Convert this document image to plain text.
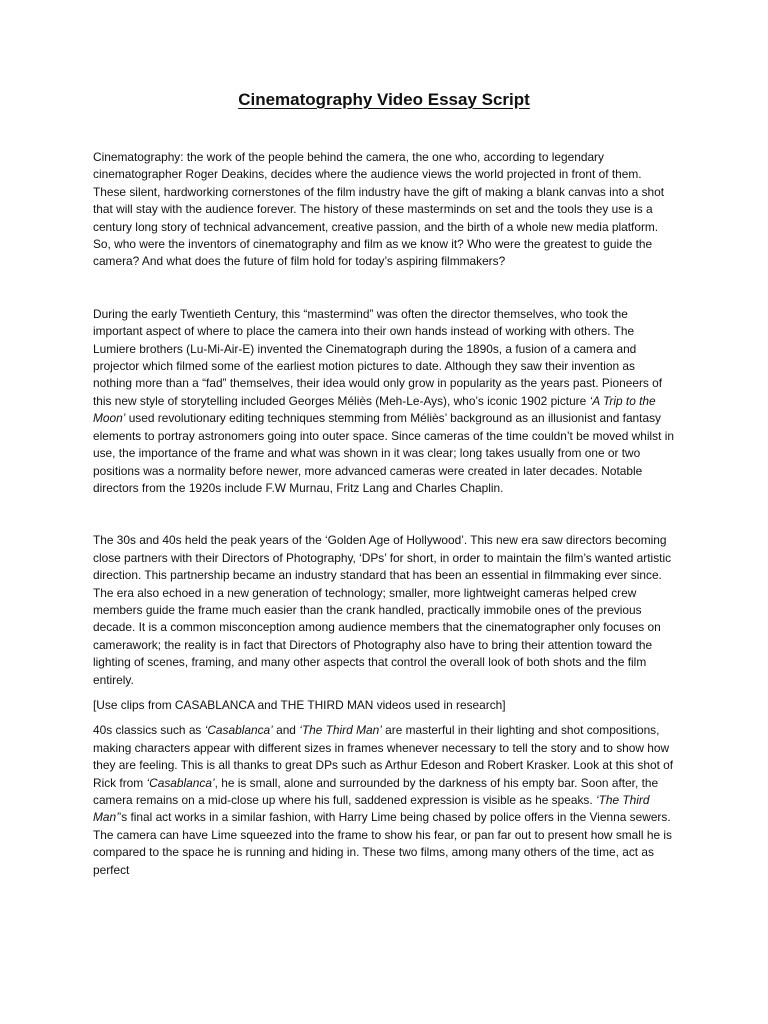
Cinematography Video Essay Script

Cinematography: the work of the people behind the camera, the one who, according to legendary cinematographer Roger Deakins, decides where the audience views the world projected in front of them. These silent, hardworking cornerstones of the film industry have the gift of making a blank canvas into a shot that will stay with the audience forever. The history of these masterminds on set and the tools they use is a century long story of technical advancement, creative passion, and the birth of a whole new media platform. So, who were the inventors of cinematography and film as we know it? Who were the greatest to guide the camera? And what does the future of film hold for today’s aspiring filmmakers?

During the early Twentieth Century, this “mastermind” was often the director themselves, who took the important aspect of where to place the camera into their own hands instead of working with others. The Lumiere brothers (Lu-Mi-Air-E) invented the Cinematograph during the 1890s, a fusion of a camera and projector which filmed some of the earliest motion pictures to date. Although they saw their invention as nothing more than a “fad” themselves, their idea would only grow in popularity as the years past. Pioneers of this new style of storytelling included Georges Méliès (Meh-Le-Ays), who’s iconic 1902 picture ‘A Trip to the Moon’ used revolutionary editing techniques stemming from Méliès’ background as an illusionist and fantasy elements to portray astronomers going into outer space. Since cameras of the time couldn’t be moved whilst in use, the importance of the frame and what was shown in it was clear; long takes usually from one or two positions was a normality before newer, more advanced cameras were created in later decades. Notable directors from the 1920s include F.W Murnau, Fritz Lang and Charles Chaplin.

The 30s and 40s held the peak years of the ‘Golden Age of Hollywood’. This new era saw directors becoming close partners with their Directors of Photography, ‘DPs’ for short, in order to maintain the film’s wanted artistic direction. This partnership became an industry standard that has been an essential in filmmaking ever since. The era also echoed in a new generation of technology; smaller, more lightweight cameras helped crew members guide the frame much easier than the crank handled, practically immobile ones of the previous decade. It is a common misconception among audience members that the cinematographer only focuses on camerawork; the reality is in fact that Directors of Photography also have to bring their attention toward the lighting of scenes, framing, and many other aspects that control the overall look of both shots and the film entirely.

[Use clips from CASABLANCA and THE THIRD MAN videos used in research]

40s classics such as ‘Casablanca’ and ‘The Third Man’ are masterful in their lighting and shot compositions, making characters appear with different sizes in frames whenever necessary to tell the story and to show how they are feeling. This is all thanks to great DPs such as Arthur Edeson and Robert Krasker. Look at this shot of Rick from ‘Casablanca’, he is small, alone and surrounded by the darkness of his empty bar. Soon after, the camera remains on a mid-close up where his full, saddened expression is visible as he speaks. ‘The Third Man’’s final act works in a similar fashion, with Harry Lime being chased by police offers in the Vienna sewers. The camera can have Lime squeezed into the frame to show his fear, or pan far out to present how small he is compared to the space he is running and hiding in. These two films, among many others of the time, act as perfect
